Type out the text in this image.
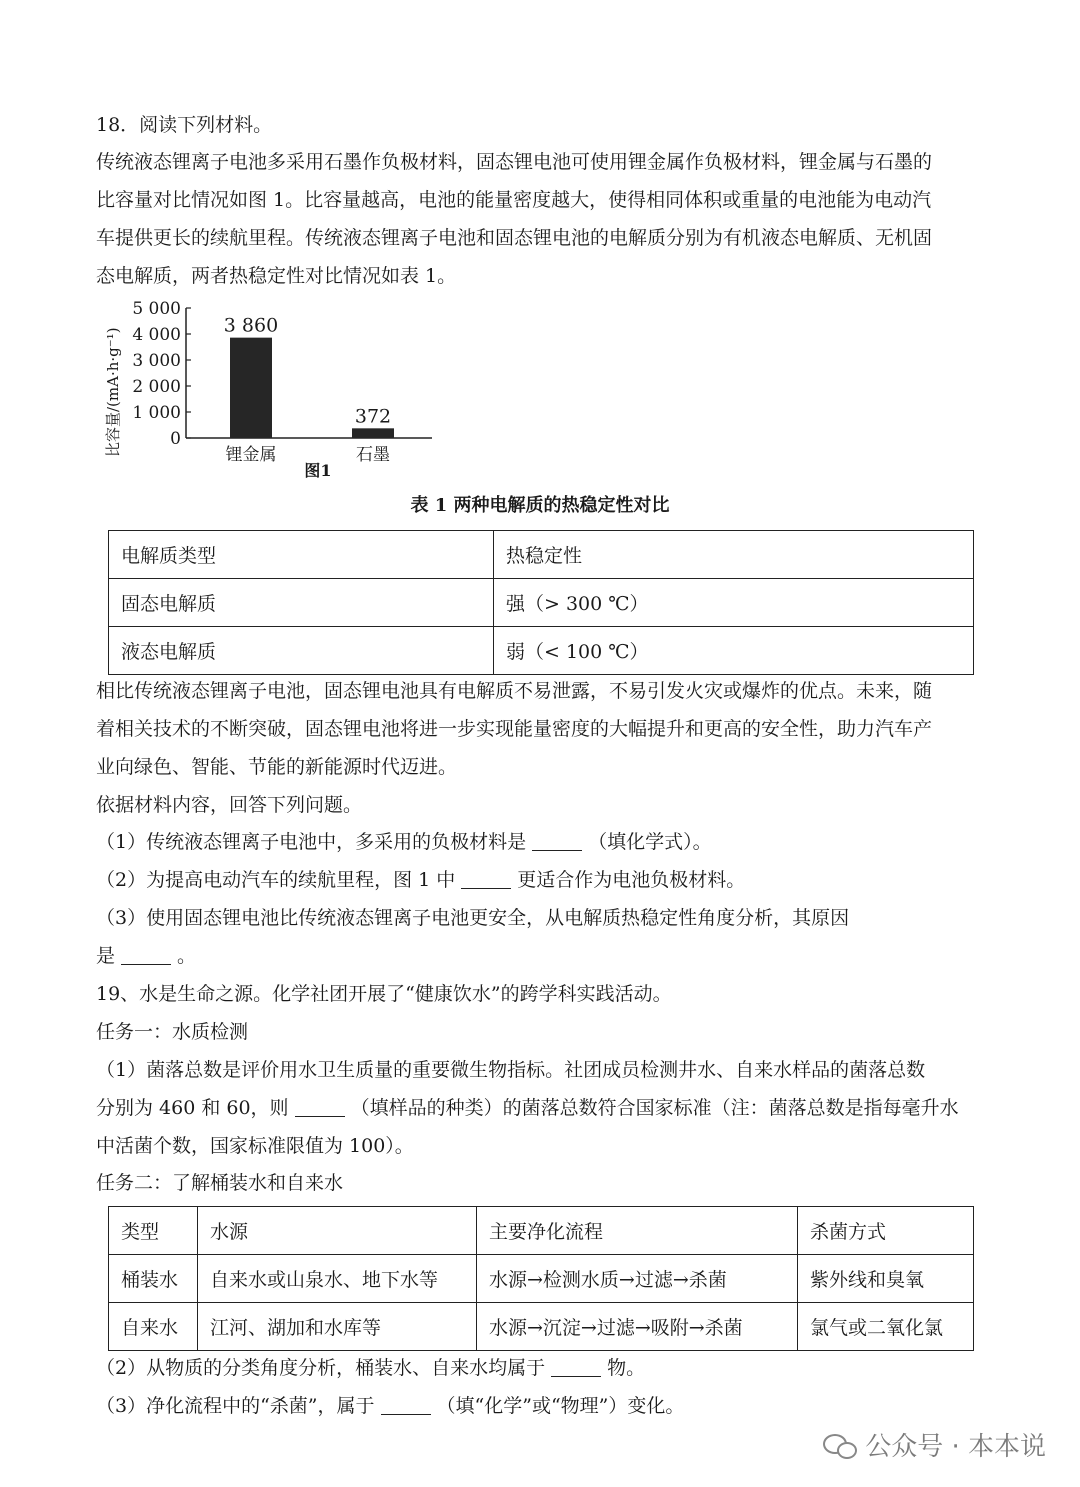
18．阅读下列材料。
传统液态锂离子电池多采用石墨作负极材料，固态锂电池可使用锂金属作负极材料，锂金属与石墨的
比容量对比情况如图 1。比容量越高，电池的能量密度越大，使得相同体积或重量的电池能为电动汽
车提供更长的续航里程。传统液态锂离子电池和固态锂电池的电解质分别为有机液态电解质、无机固
态电解质，两者热稳定性对比情况如表 1。
比容量/(mA·h·g⁻¹)	0
1 000
2 000
3 000
4 000
5 000
3 860
锂金属
372
石墨
图1
表 1 两种电解质的热稳定性对比
电解质类型	热稳定性
固态电解质	强（> 300 ℃）
液态电解质	弱（< 100 ℃）
相比传统液态锂离子电池，固态锂电池具有电解质不易泄露，不易引发火灾或爆炸的优点。未来，随
着相关技术的不断突破，固态锂电池将进一步实现能量密度的大幅提升和更高的安全性，助力汽车产
业向绿色、智能、节能的新能源时代迈进。
依据材料内容，回答下列问题。
（1）传统液态锂离子电池中，多采用的负极材料是	（填化学式）。
（2）为提高电动汽车的续航里程，图 1 中	更适合作为电池负极材料。
（3）使用固态锂电池比传统液态锂离子电池更安全，从电解质热稳定性角度分析，其原因
是	。
19、水是生命之源。化学社团开展了“健康饮水”的跨学科实践活动。
任务一：水质检测
（1）菌落总数是评价用水卫生质量的重要微生物指标。社团成员检测井水、自来水样品的菌落总数
分别为 460 和 60，则	（填样品的种类）的菌落总数符合国家标准（注：菌落总数是指每毫升水
中活菌个数，国家标准限值为 100）。
任务二：了解桶装水和自来水
类型	水源	主要净化流程	杀菌方式
桶装水	自来水或山泉水、地下水等	水源→检测水质→过滤→杀菌	紫外线和臭氧
自来水	江河、湖加和水库等	水源→沉淀→过滤→吸附→杀菌	氯气或二氧化氯
（2）从物质的分类角度分析，桶装水、自来水均属于	物。
（3）净化流程中的“杀菌”，属于	（填“化学”或“物理”）变化。
公众号 · 本本说
